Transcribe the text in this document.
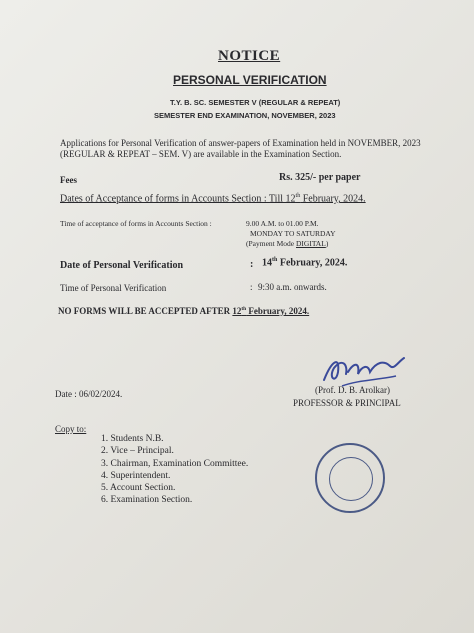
NOTICE
PERSONAL VERIFICATION
T.Y. B. SC. SEMESTER V (REGULAR & REPEAT)
SEMESTER END EXAMINATION, NOVEMBER, 2023
Applications for Personal Verification of answer-papers of Examination held in NOVEMBER, 2023 (REGULAR & REPEAT – SEM. V) are available in the Examination Section.
Fees	Rs. 325/- per paper
Dates of Acceptance of forms in Accounts Section : Till 12th February, 2024.
Time of acceptance of forms in Accounts Section :	9.00 A.M. to 01.00 P.M.
MONDAY TO SATURDAY
(Payment Mode DIGITAL)
Date of Personal Verification	: 14th February, 2024.
Time of Personal Verification	: 9:30 a.m. onwards.
NO FORMS WILL BE ACCEPTED AFTER 12th February, 2024.
(Prof. D. B. Arolkar)
PROFESSOR & PRINCIPAL
Date : 06/02/2024.
Copy to:
1. Students N.B.
2. Vice – Principal.
3. Chairman, Examination Committee.
4. Superintendent.
5. Account Section.
6. Examination Section.
